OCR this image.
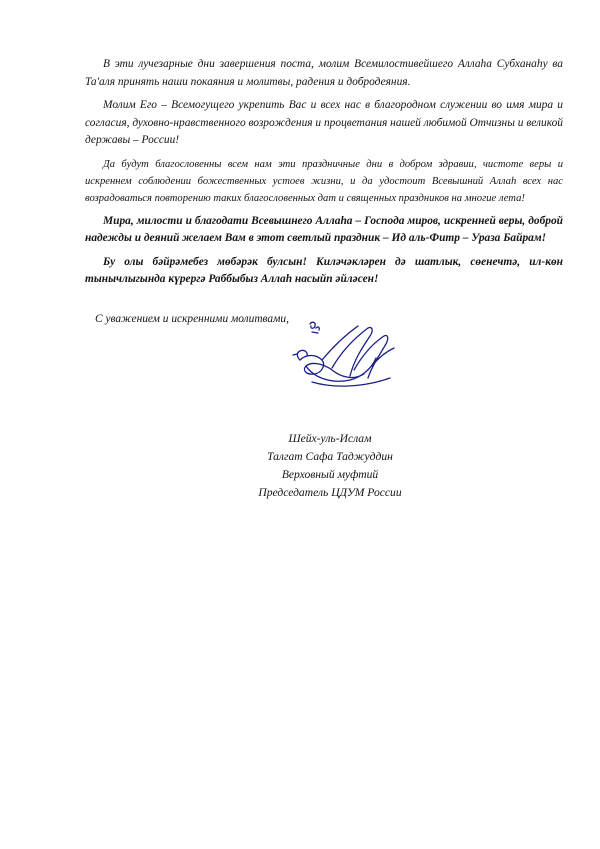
В эти лучезарные дни завершения поста, молим Всемилостивейшего Аллаһа Субханаһу ва Та'аля принять наши покаяния и молитвы, радения и добродеяния.

Молим Его – Всемогущего укрепить Вас и всех нас в благородном служении во имя мира и согласия, духовно-нравственного возрождения и процветания нашей любимой Отчизны и великой державы – России!

Да будут благословенны всем нам эти праздничные дни в добром здравии, чистоте веры и искреннем соблюдении божественных устоев жизни, и да удостоит Всевышний Аллаһ всех нас возрадоваться повторению таких благословенных дат и священных праздников на многие лета!

Мира, милости и благодати Всевышнего Аллаһа – Господа миров, искренней веры, доброй надежды и деяний желаем Вам в этот светлый праздник – Ид аль-Фитр – Ураза Байрам!

Бу олы бәйрәмебез мөбәрәк булсын! Киләчәкләрен дә шатлык, сөенечтә, ил-көн тынычлыгында күрергә Раббыбыз Аллаһ насыйп әйләсен!

С уважением и искренними молитвами,

Шейх-уль-Ислам

Талгат Сафа Таджуддин

Верховный муфтий

Председатель ЦДУМ России
